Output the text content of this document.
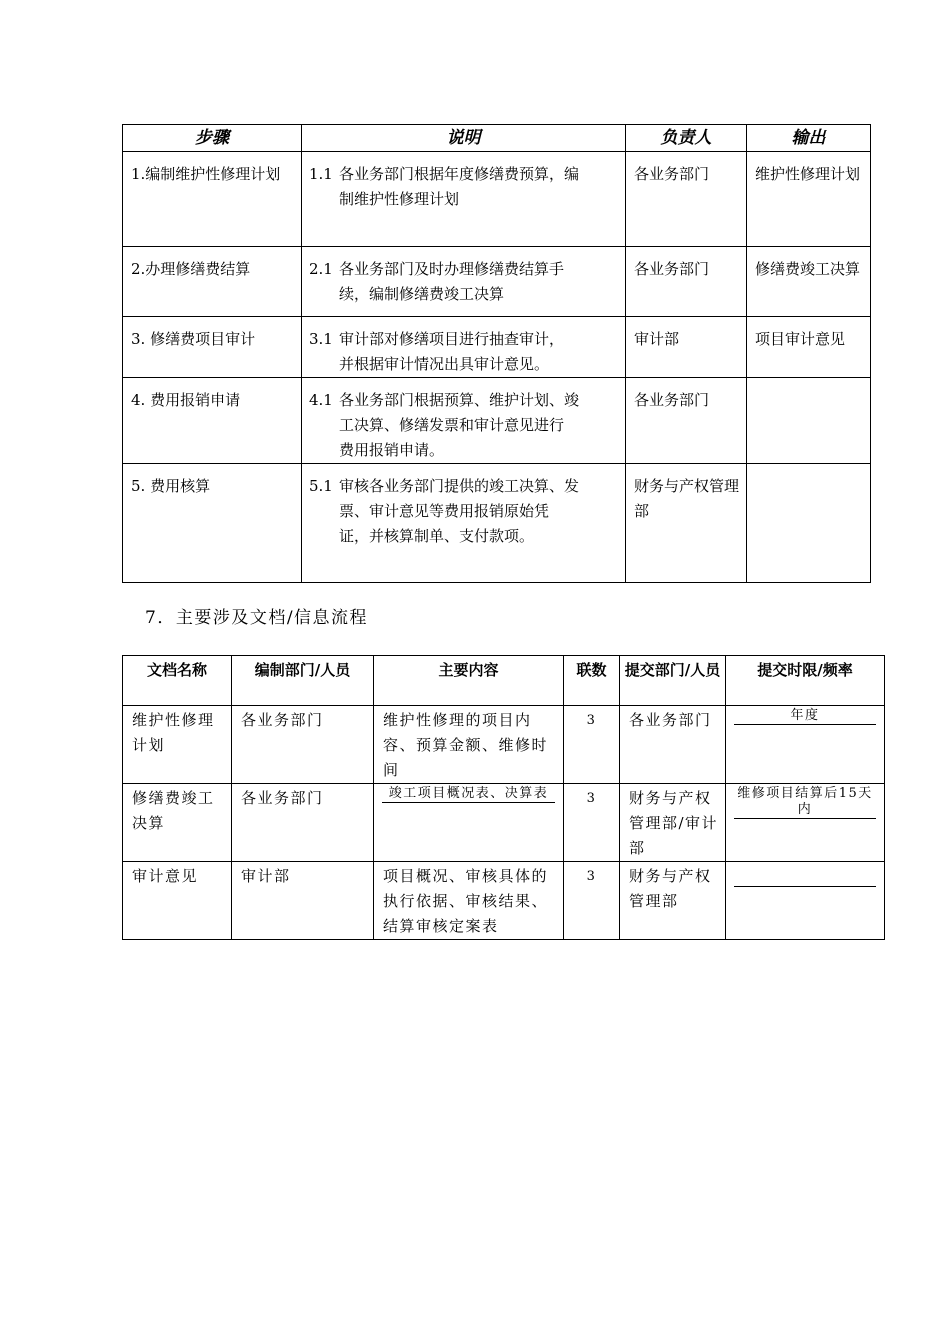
步骤	说明	负责人	输出
1.编制维护性修理计划	1.1 各业务部门根据年度修缮费预算，编
制维护性修理计划	各业务部门	维护性修理计划
2.办理修缮费结算	2.1 各业务部门及时办理修缮费结算手
续，编制修缮费竣工决算	各业务部门	修缮费竣工决算
3. 修缮费项目审计	3.1 审计部对修缮项目进行抽查审计，
并根据审计情况出具审计意见。	审计部	项目审计意见
4. 费用报销申请	4.1 各业务部门根据预算、维护计划、竣
工决算、修缮发票和审计意见进行
费用报销申请。	各业务部门	
5. 费用核算	5.1 审核各业务部门提供的竣工决算、发
票、审计意见等费用报销原始凭
证，并核算制单、支付款项。	财务与产权管理部	

7．主要涉及文档/信息流程

文档名称	编制部门/人员	主要内容	联数	提交部门/人员	提交时限/频率
维护性修理计划	各业务部门	维护性修理的项目内容、预算金额、维修时间	3	各业务部门	年度

修缮费竣工决算	各业务部门	竣工项目概况表、决算表	3	财务与产权管理部/审计部	维修项目结算后15天内

审计意见	审计部	项目概况、审核具体的执行依据、审核结果、结算审核定案表	3	财务与产权管理部	
